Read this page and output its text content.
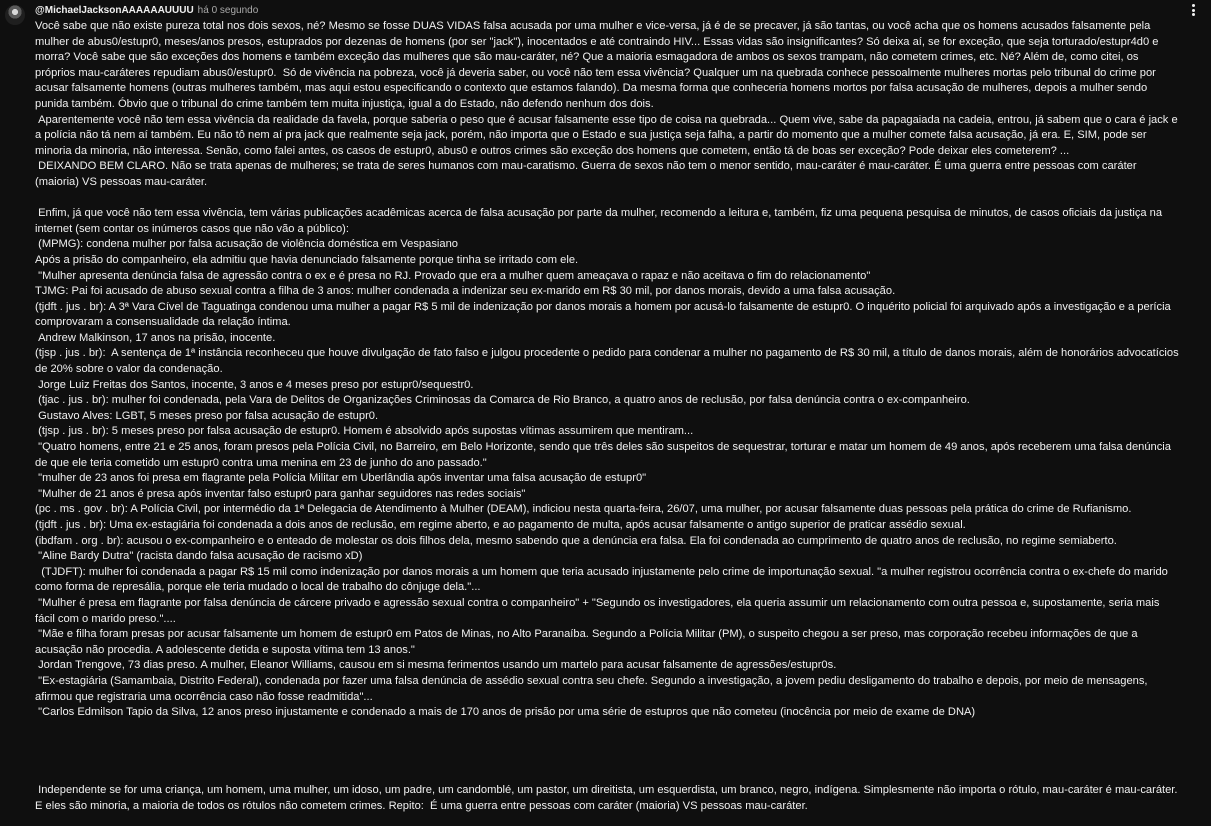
@MichaelJacksonAAAAAAUUUU há 0 segundo
Você sabe que não existe pureza total nos dois sexos, né? Mesmo se fosse DUAS VIDAS falsa acusada por uma mulher e vice-versa, já é de se precaver, já são tantas, ou você acha que os homens acusados falsamente pela mulher de abus0/estupr0, meses/anos presos, estuprados por dezenas de homens (por ser "jack"), inocentados e até contraindo HIV... Essas vidas são insignificantes? Só deixa aí, se for exceção, que seja torturado/estupr4d0 e morra? Você sabe que são exceções dos homens e também exceção das mulheres que são mau-caráter, né? Que a maioria esmagadora de ambos os sexos trampam, não cometem crimes, etc. Né? Além de, como citei, os próprios mau-caráteres repudiam abus0/estupr0.  Só de vivência na pobreza, você já deveria saber, ou você não tem essa vivência? Qualquer um na quebrada conhece pessoalmente mulheres mortas pelo tribunal do crime por acusar falsamente homens (outras mulheres também, mas aqui estou especificando o contexto que estamos falando). Da mesma forma que conheceria homens mortos por falsa acusação de mulheres, depois a mulher sendo punida também. Óbvio que o tribunal do crime também tem muita injustiça, igual a do Estado, não defendo nenhum dos dois.
Aparentemente você não tem essa vivência da realidade da favela, porque saberia o peso que é acusar falsamente esse tipo de coisa na quebrada... Quem vive, sabe da papagaiada na cadeia, entrou, já sabem que o cara é jack e a polícia não tá nem aí também. Eu não tô nem aí pra jack que realmente seja jack, porém, não importa que o Estado e sua justiça seja falha, a partir do momento que a mulher comete falsa acusação, já era. E, SIM, pode ser minoria da minoria, não interessa. Senão, como falei antes, os casos de estupr0, abus0 e outros crimes são exceção dos homens que cometem, então tá de boas ser exceção? Pode deixar eles cometerem? ...
DEIXANDO BEM CLARO. Não se trata apenas de mulheres; se trata de seres humanos com mau-caratismo. Guerra de sexos não tem o menor sentido, mau-caráter é mau-caráter. É uma guerra entre pessoas com caráter (maioria) VS pessoas mau-caráter.

Enfim, já que você não tem essa vivência, tem várias publicações acadêmicas acerca de falsa acusação por parte da mulher, recomendo a leitura e, também, fiz uma pequena pesquisa de minutos, de casos oficiais da justiça na internet (sem contar os inúmeros casos que não vão a público):
(MPMG): condena mulher por falsa acusação de violência doméstica em Vespasiano
Após a prisão do companheiro, ela admitiu que havia denunciado falsamente porque tinha se irritado com ele.
"Mulher apresenta denúncia falsa de agressão contra o ex e é presa no RJ. Provado que era a mulher quem ameaçava o rapaz e não aceitava o fim do relacionamento"
TJMG: Pai foi acusado de abuso sexual contra a filha de 3 anos: mulher condenada a indenizar seu ex-marido em R$ 30 mil, por danos morais, devido a uma falsa acusação.
(tjdft . jus . br): A 3ª Vara Cível de Taguatinga condenou uma mulher a pagar R$ 5 mil de indenização por danos morais a homem por acusá-lo falsamente de estupr0. O inquérito policial foi arquivado após a investigação e a perícia comprovaram a consensualidade da relação íntima.
Andrew Malkinson, 17 anos na prisão, inocente.
(tjsp . jus . br):  A sentença de 1ª instância reconheceu que houve divulgação de fato falso e julgou procedente o pedido para condenar a mulher no pagamento de R$ 30 mil, a título de danos morais, além de honorários advocatícios de 20% sobre o valor da condenação.
Jorge Luiz Freitas dos Santos, inocente, 3 anos e 4 meses preso por estupr0/sequestr0.
(tjac . jus . br): mulher foi condenada, pela Vara de Delitos de Organizações Criminosas da Comarca de Rio Branco, a quatro anos de reclusão, por falsa denúncia contra o ex-companheiro.
Gustavo Alves: LGBT, 5 meses preso por falsa acusação de estupr0.
(tjsp . jus . br): 5 meses preso por falsa acusação de estupr0. Homem é absolvido após supostas vítimas assumirem que mentiram...
"Quatro homens, entre 21 e 25 anos, foram presos pela Polícia Civil, no Barreiro, em Belo Horizonte, sendo que três deles são suspeitos de sequestrar, torturar e matar um homem de 49 anos, após receberem uma falsa denúncia de que ele teria cometido um estupr0 contra uma menina em 23 de junho do ano passado."
"mulher de 23 anos foi presa em flagrante pela Polícia Militar em Uberlândia após inventar uma falsa acusação de estupr0"
"Mulher de 21 anos é presa após inventar falso estupr0 para ganhar seguidores nas redes sociais"
(pc . ms . gov . br): A Polícia Civil, por intermédio da 1ª Delegacia de Atendimento à Mulher (DEAM), indiciou nesta quarta-feira, 26/07, uma mulher, por acusar falsamente duas pessoas pela prática do crime de Rufianismo.
(tjdft . jus . br): Uma ex-estagiária foi condenada a dois anos de reclusão, em regime aberto, e ao pagamento de multa, após acusar falsamente o antigo superior de praticar assédio sexual.
(ibdfam . org . br): acusou o ex-companheiro e o enteado de molestar os dois filhos dela, mesmo sabendo que a denúncia era falsa. Ela foi condenada ao cumprimento de quatro anos de reclusão, no regime semiaberto.
"Aline Bardy Dutra" (racista dando falsa acusação de racismo xD)
(TJDFT): mulher foi condenada a pagar R$ 15 mil como indenização por danos morais a um homem que teria acusado injustamente pelo crime de importunação sexual. "a mulher registrou ocorrência contra o ex-chefe do marido como forma de represália, porque ele teria mudado o local de trabalho do cônjuge dela."...
"Mulher é presa em flagrante por falsa denúncia de cárcere privado e agressão sexual contra o companheiro" + "Segundo os investigadores, ela queria assumir um relacionamento com outra pessoa e, supostamente, seria mais fácil com o marido preso."....
"Mãe e filha foram presas por acusar falsamente um homem de estupr0 em Patos de Minas, no Alto Paranaíba. Segundo a Polícia Militar (PM), o suspeito chegou a ser preso, mas corporação recebeu informações de que a acusação não procedia. A adolescente detida e suposta vítima tem 13 anos."
Jordan Trengove, 73 dias preso. A mulher, Eleanor Williams, causou em si mesma ferimentos usando um martelo para acusar falsamente de agressões/estupr0s.
"Ex-estagiária (Samambaia, Distrito Federal), condenada por fazer uma falsa denúncia de assédio sexual contra seu chefe. Segundo a investigação, a jovem pediu desligamento do trabalho e depois, por meio de mensagens, afirmou que registraria uma ocorrência caso não fosse readmitida"...
"Carlos Edmilson Tapio da Silva, 12 anos preso injustamente e condenado a mais de 170 anos de prisão por uma série de estupros que não cometeu (inocência por meio de exame de DNA)

Independente se for uma criança, um homem, uma mulher, um idoso, um padre, um candomblé, um pastor, um direitista, um esquerdista, um branco, negro, indígena. Simplesmente não importa o rótulo, mau-caráter é mau-caráter. E eles são minoria, a maioria de todos os rótulos não cometem crimes. Repito:  É uma guerra entre pessoas com caráter (maioria) VS pessoas mau-caráter.
